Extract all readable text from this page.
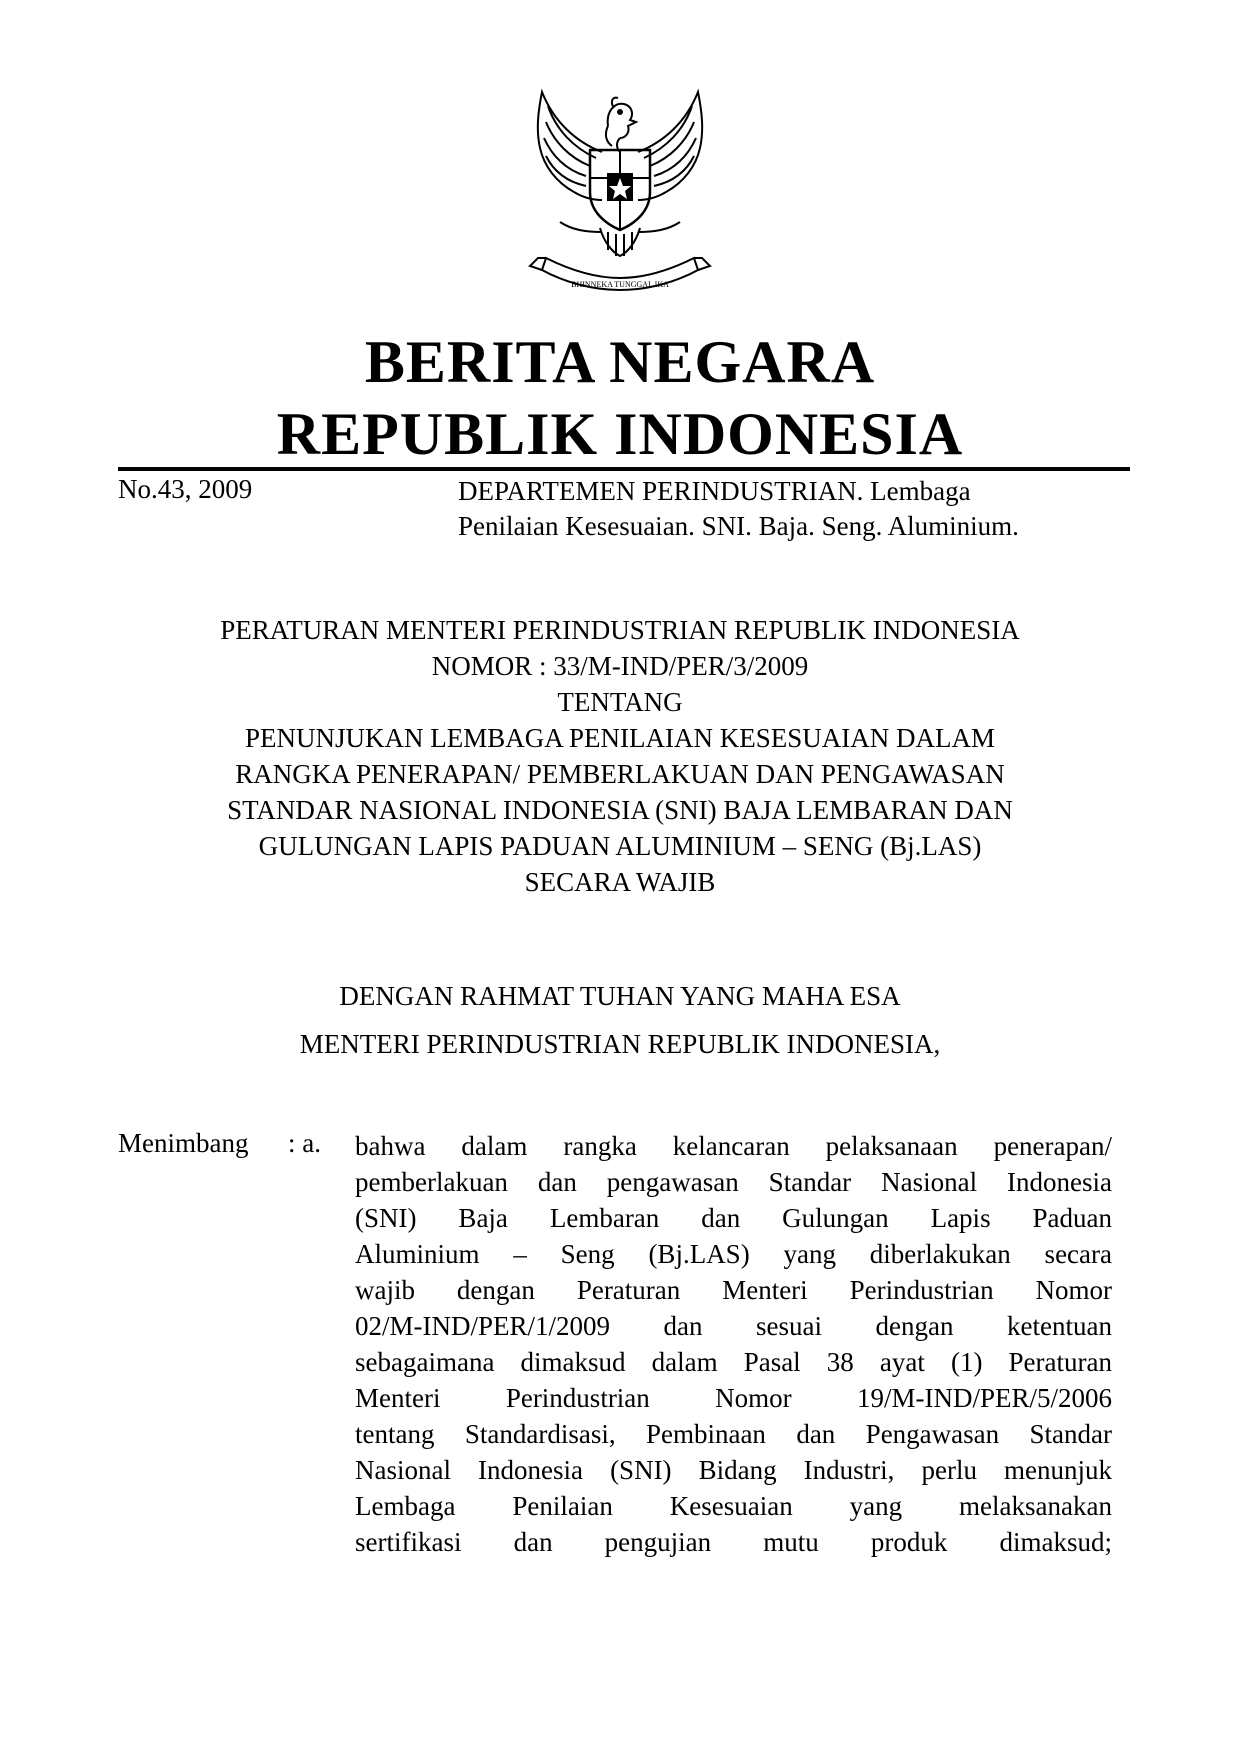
BHINNEKA TUNGGAL IKA
BERITA NEGARA
REPUBLIK INDONESIA
No.43, 2009	DEPARTEMEN PERINDUSTRIAN. Lembaga
Penilaian Kesesuaian. SNI. Baja. Seng. Aluminium.
PERATURAN MENTERI PERINDUSTRIAN REPUBLIK INDONESIA
NOMOR : 33/M-IND/PER/3/2009
TENTANG
PENUNJUKAN LEMBAGA PENILAIAN KESESUAIAN DALAM
RANGKA PENERAPAN/ PEMBERLAKUAN DAN PENGAWASAN
STANDAR NASIONAL INDONESIA (SNI) BAJA LEMBARAN DAN
GULUNGAN LAPIS PADUAN ALUMINIUM – SENG (Bj.LAS)
SECARA WAJIB
DENGAN RAHMAT TUHAN YANG MAHA ESA
MENTERI PERINDUSTRIAN REPUBLIK INDONESIA,
Menimbang : a. bahwa dalam rangka kelancaran pelaksanaan penerapan/
pemberlakuan dan pengawasan Standar Nasional Indonesia
(SNI) Baja Lembaran dan Gulungan Lapis Paduan
Aluminium – Seng (Bj.LAS) yang diberlakukan secara
wajib dengan Peraturan Menteri Perindustrian Nomor
02/M-IND/PER/1/2009 dan sesuai dengan ketentuan
sebagaimana dimaksud dalam Pasal 38 ayat (1) Peraturan
Menteri Perindustrian Nomor 19/M-IND/PER/5/2006
tentang Standardisasi, Pembinaan dan Pengawasan Standar
Nasional Indonesia (SNI) Bidang Industri, perlu menunjuk
Lembaga Penilaian Kesesuaian yang melaksanakan
sertifikasi dan pengujian mutu produk dimaksud;
